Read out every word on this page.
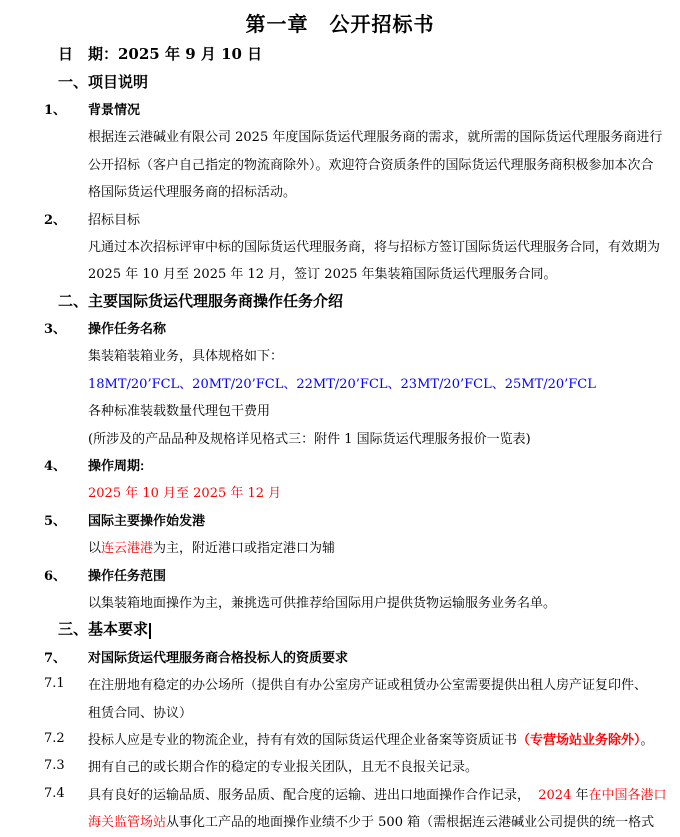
第一章　公开招标书
日　期：2025 年 9 月 10 日
一、项目说明
1、	背景情况
根据连云港碱业有限公司 2025 年度国际货运代理服务商的需求，就所需的国际货运代理服务商进行
公开招标（客户自己指定的物流商除外）。欢迎符合资质条件的国际货运代理服务商积极参加本次合
格国际货运代理服务商的招标活动。
2、	招标目标
凡通过本次招标评审中标的国际货运代理服务商，将与招标方签订国际货运代理服务合同，有效期为
2025 年 10 月至 2025 年 12 月，签订 2025 年集装箱国际货运代理服务合同。
二、主要国际货运代理服务商操作任务介绍
3、	操作任务名称
集装箱装箱业务，具体规格如下：
18MT/20’FCL、20MT/20’FCL、22MT/20’FCL、23MT/20’FCL、25MT/20’FCL
各种标准装载数量代理包干费用
(所涉及的产品品种及规格详见格式三：附件 1 国际货运代理服务报价一览表)
4、	操作周期:
2025 年 10 月至 2025 年 12 月
5、	国际主要操作始发港
以连云港港为主，附近港口或指定港口为辅
6、	操作任务范围
以集装箱地面操作为主，兼挑选可供推荐给国际用户提供货物运输服务业务名单。
三、基本要求
7、	对国际货运代理服务商合格投标人的资质要求
7.1	在注册地有稳定的办公场所（提供自有办公室房产证或租赁办公室需要提供出租人房产证复印件、
租赁合同、协议）
7.2	投标人应是专业的物流企业，持有有效的国际货运代理企业备案等资质证书（专营场站业务除外）。
7.3	拥有自己的或长期合作的稳定的专业报关团队，且无不良报关记录。
7.4	具有良好的运输品质、服务品质、配合度的运输、进出口地面操作合作记录，  2024 年在中国各港口
海关监管场站从事化工产品的地面操作业绩不少于 500 箱（需根据连云港碱业公司提供的统一格式
